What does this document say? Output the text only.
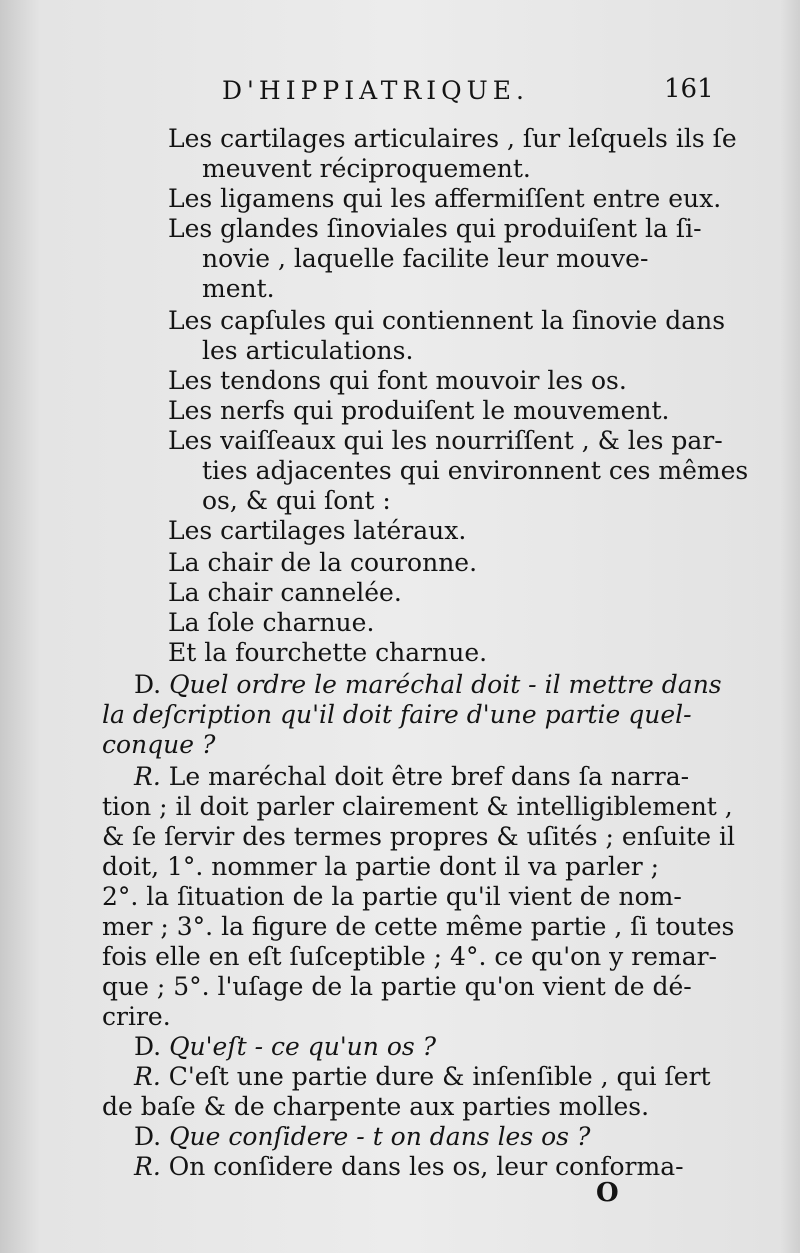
D'HIPPIATRIQUE.	161
Les cartilages articulaires , ſur leſquels ils ſe
meuvent réciproquement.
Les ligamens qui les affermiſſent entre eux.
Les glandes ſinoviales qui produiſent la ſi-
novie , laquelle facilite leur mouve-
ment.
Les capſules qui contiennent la ſinovie dans
les articulations.
Les tendons qui font mouvoir les os.
Les nerfs qui produiſent le mouvement.
Les vaiſſeaux qui les nourriſſent , & les par-
ties adjacentes qui environnent ces mêmes
os, & qui ſont :
Les cartilages latéraux.
La chair de la couronne.
La chair cannelée.
La ſole charnue.
Et la fourchette charnue.
D. Quel ordre le maréchal doit - il mettre dans
la deſcription qu'il doit faire d'une partie quel-
conque ?
R. Le maréchal doit être bref dans ſa narra-
tion ; il doit parler clairement & intelligiblement ,
& ſe ſervir des termes propres & uſités ; enſuite il
doit, 1°. nommer la partie dont il va parler ;
2°. la ſituation de la partie qu'il vient de nom-
mer ; 3°. la figure de cette même partie , ſi toutes
fois elle en eſt ſuſceptible ; 4°. ce qu'on y remar-
que ; 5°. l'uſage de la partie qu'on vient de dé-
crire.
D. Qu'eſt - ce qu'un os ?
R. C'eſt une partie dure & inſenſible , qui ſert
de baſe & de charpente aux parties molles.
D. Que conſidere - t on dans les os ?
R. On conſidere dans les os, leur conforma-
O
